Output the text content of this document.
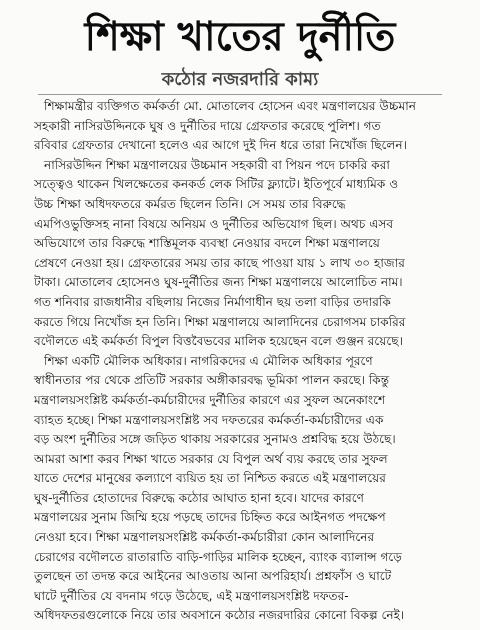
শিক্ষা খাতের দুর্নীতি
কঠোর নজরদারি কাম্য
শিক্ষামন্ত্রীর ব্যক্তিগত কর্মকর্তা মো. মোতালেব হোসেন এবং মন্ত্রণালয়ের উচ্চমান
সহকারী নাসিরউদ্দিনকে ঘুষ ও দুর্নীতির দায়ে গ্রেফতার করেছে পুলিশ। গত
রবিবার গ্রেফতার দেখানো হলেও এর আগে দুই দিন ধরে তারা নিখোঁজ ছিলেন।
নাসিরউদ্দিন শিক্ষা মন্ত্রণালয়ের উচ্চমান সহকারী বা পিয়ন পদে চাকরি করা
সত্ত্বেও থাকেন খিলক্ষেতের কনকর্ড লেক সিটির ফ্ল্যাটে। ইতিপূর্বে মাধ্যমিক ও
উচ্চ শিক্ষা অধিদফতরে কর্মরত ছিলেন তিনি। সে সময় তার বিরুদ্ধে
এমপিওভুক্তিসহ নানা বিষয়ে অনিয়ম ও দুর্নীতির অভিযোগ ছিল। অথচ এসব
অভিযোগে তার বিরুদ্ধে শাস্তিমূলক ব্যবস্থা নেওয়ার বদলে শিক্ষা মন্ত্রণালয়ে
প্রেষণে নেওয়া হয়। গ্রেফতারের সময় তার কাছে পাওয়া যায় ১ লাখ ৩০ হাজার
টাকা। মোতালেব হোসেনও ঘুষ-দুর্নীতির জন্য শিক্ষা মন্ত্রণালয়ে আলোচিত নাম।
গত শনিবার রাজধানীর বছিলায় নিজের নির্মাণাধীন ছয় তলা বাড়ির তদারকি
করতে গিয়ে নিখোঁজ হন তিনি। শিক্ষা মন্ত্রণালয়ে আলাদিনের চেরাগসম চাকরির
বদৌলতে এই কর্মকর্তা বিপুল বিত্তবৈভবের মালিক হয়েছেন বলে গুঞ্জন রয়েছে।
শিক্ষা একটি মৌলিক অধিকার। নাগরিকদের এ মৌলিক অধিকার পূরণে
স্বাধীনতার পর থেকে প্রতিটি সরকার অঙ্গীকারবদ্ধ ভূমিকা পালন করছে। কিন্তু
মন্ত্রণালয়সংশ্লিষ্ট কর্মকর্তা-কর্মচারীদের দুর্নীতির কারণে এর সুফল অনেকাংশে
ব্যাহত হচ্ছে। শিক্ষা মন্ত্রণালয়সংশ্লিষ্ট সব দফতরের কর্মকর্তা-কর্মচারীদের এক
বড় অংশ দুর্নীতির সঙ্গে জড়িত থাকায় সরকারের সুনামও প্রশ্নবিদ্ধ হয়ে উঠছে।
আমরা আশা করব শিক্ষা খাতে সরকার যে বিপুল অর্থ ব্যয় করছে তার সুফল
যাতে দেশের মানুষের কল্যাণে ব্যয়িত হয় তা নিশ্চিত করতে এই মন্ত্রণালয়ের
ঘুষ-দুর্নীতির হোতাদের বিরুদ্ধে কঠোর আঘাত হানা হবে। যাদের কারণে
মন্ত্রণালয়ের সুনাম জিম্মি হয়ে পড়ছে তাদের চিহ্নিত করে আইনগত পদক্ষেপ
নেওয়া হবে। শিক্ষা মন্ত্রণালয়সংশ্লিষ্ট কর্মকর্তা-কর্মচারীরা কোন আলাদিনের
চেরাগের বদৌলতে রাতারাতি বাড়ি-গাড়ির মালিক হচ্ছেন, ব্যাংক ব্যালান্স গড়ে
তুলছেন তা তদন্ত করে আইনের আওতায় আনা অপরিহার্য। প্রশ্নফাঁস ও ঘাটে
ঘাটে দুর্নীতির যে বদনাম গড়ে উঠেছে, এই মন্ত্রণালয়সংশ্লিষ্ট দফতর-
অধিদফতরগুলোকে নিয়ে তার অবসানে কঠোর নজরদারির কোনো বিকল্প নেই।
